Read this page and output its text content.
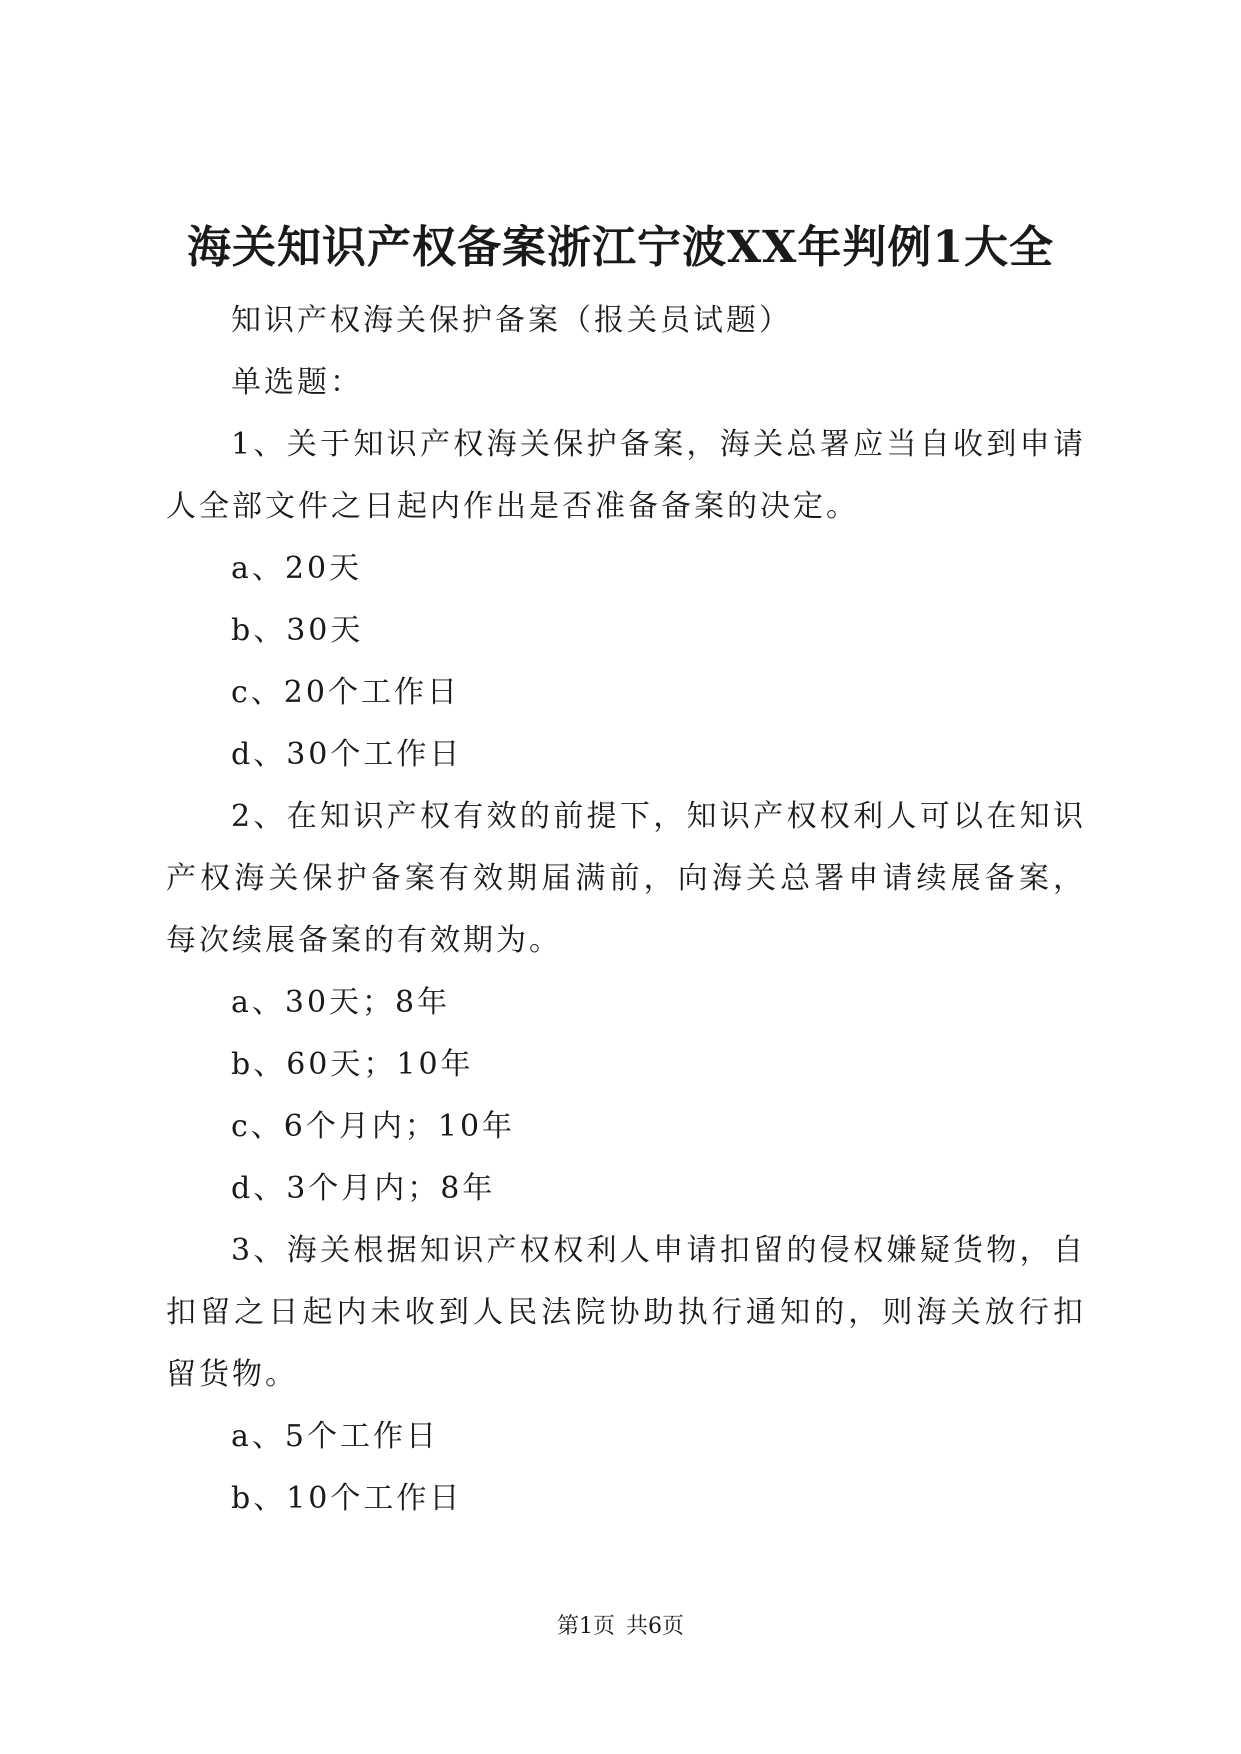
海关知识产权备案浙江宁波XX年判例1大全

知识产权海关保护备案（报关员试题）

单选题：

1、关于知识产权海关保护备案，海关总署应当自收到申请人全部文件之日起内作出是否准备备案的决定。

a、20天

b、30天

c、20个工作日

d、30个工作日

2、在知识产权有效的前提下，知识产权权利人可以在知识产权海关保护备案有效期届满前，向海关总署申请续展备案，每次续展备案的有效期为。

a、30天；8年

b、60天；10年

c、6个月内；10年

d、3个月内；8年

3、海关根据知识产权权利人申请扣留的侵权嫌疑货物，自扣留之日起内未收到人民法院协助执行通知的，则海关放行扣留货物。

a、5个工作日

b、10个工作日

第1页 共6页
